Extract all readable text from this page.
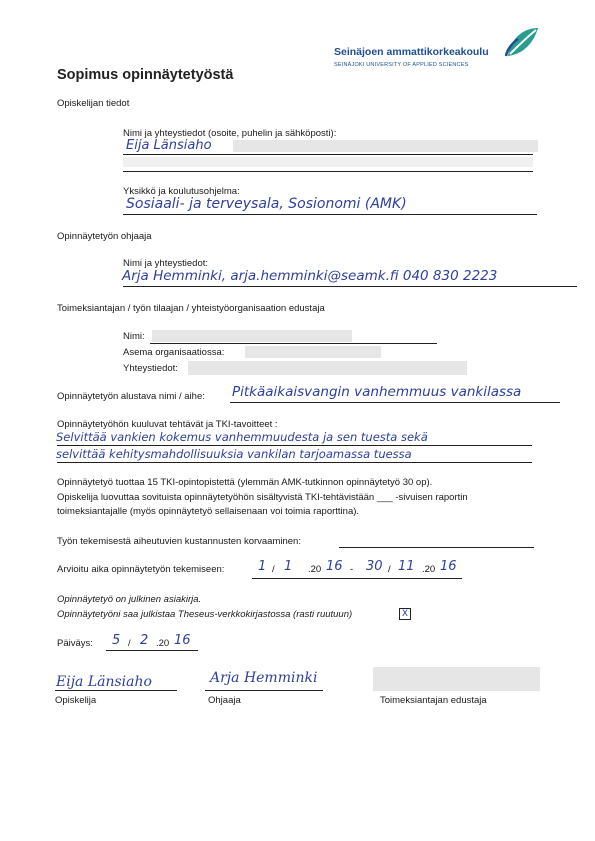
Seinäjoen ammattikorkeakoulu
SEINÄJOKI UNIVERSITY OF APPLIED SCIENCES
Sopimus opinnäytetyöstä
Opiskelijan tiedot
Nimi ja yhteystiedot (osoite, puhelin ja sähköposti):
Eija Länsiaho
Yksikkö ja koulutusohjelma:
Sosiaali- ja terveysala, Sosionomi (AMK)
Opinnäytetyön ohjaaja
Nimi ja yhteystiedot:
Arja Hemminki, arja.hemminki@seamk.fi 040 830 2223
Toimeksiantajan / työn tilaajan / yhteistyöorganisaation edustaja
Nimi:
Asema organisaatiossa:
Yhteystiedot:
Opinnäytetyön alustava nimi / aihe: Pitkäaikaisvangin vanhemmuus vankilassa
Opinnäytetyöhön kuuluvat tehtävät ja TKI-tavoitteet :
Selvittää vankien kokemus vanhemmuudesta ja sen tuesta sekä
selvittää kehitysmahdollisuuksia vankilan tarjoamassa tuessa
Opinnäytetyö tuottaa 15 TKI-opintopistettä (ylemmän AMK-tutkinnon opinnäytetyö 30 op).
Opiskelija luovuttaa sovituista opinnäytetyöhön sisältyvistä TKI-tehtävistään ___ -sivuisen raportin
toimeksiantajalle (myös opinnäytetyö sellaisenaan voi toimia raporttina).
Työn tekemisestä aiheutuvien kustannusten korvaaminen:
Arvioitu aika opinnäytetyön tekemiseen:	1 / 1 .20 16 - 30 / 11 .20 16
Opinnäytetyö on julkinen asiakirja.
Opinnäytetyöni saa julkistaa Theseus-verkkokirjastossa (rasti ruutuun)	X
Päiväys: 5 / 2 .20 16
Eija Länsiaho
Opiskelija
Arja Hemminki
Ohjaaja	Toimeksiantajan edustaja
